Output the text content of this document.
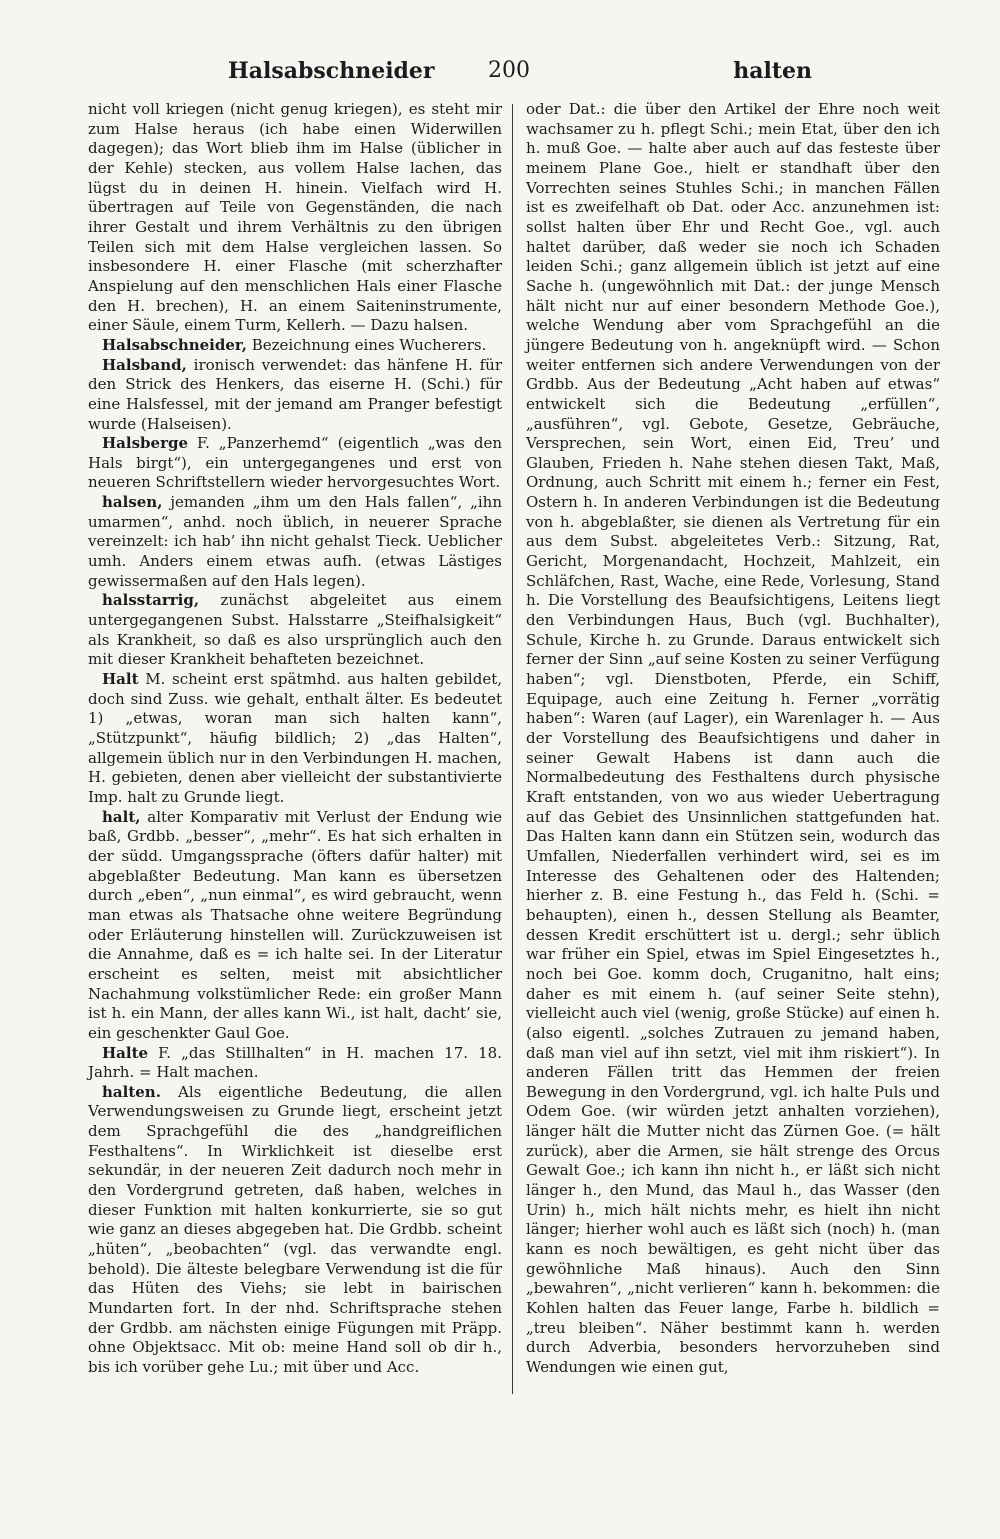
Halsabschneider	200	halten

nicht voll kriegen (nicht genug kriegen), es steht mir zum Halse heraus (ich habe einen Widerwillen dagegen); das Wort blieb ihm im Halse (üblicher in der Kehle) stecken, aus vollem Halse lachen, das lügst du in deinen H. hinein. Vielfach wird H. übertragen auf Teile von Gegenständen, die nach ihrer Gestalt und ihrem Verhältnis zu den übrigen Teilen sich mit dem Halse vergleichen lassen. So insbesondere H. einer Flasche (mit scherzhafter Anspielung auf den menschlichen Hals einer Flasche den H. brechen), H. an einem Saiteninstrumente, einer Säule, einem Turm, Kellerh. — Dazu halsen.

Halsabschneider, Bezeichnung eines Wucherers.

Halsband, ironisch verwendet: das hänfene H. für den Strick des Henkers, das eiserne H. (Schi.) für eine Halsfessel, mit der jemand am Pranger befestigt wurde (Halseisen).

Halsberge F. „Panzerhemd“ (eigentlich „was den Hals birgt“), ein untergegangenes und erst von neueren Schriftstellern wieder hervorgesuchtes Wort.

halsen, jemanden „ihm um den Hals fallen“, „ihn umarmen“, anhd. noch üblich, in neuerer Sprache vereinzelt: ich hab’ ihn nicht gehalst Tieck. Ueblicher umh. Anders einem etwas aufh. (etwas Lästiges gewissermaßen auf den Hals legen).

halsstarrig, zunächst abgeleitet aus einem untergegangenen Subst. Halsstarre „Steifhalsigkeit“ als Krankheit, so daß es also ursprünglich auch den mit dieser Krankheit behafteten bezeichnet.

Halt M. scheint erst spätmhd. aus halten gebildet, doch sind Zuss. wie gehalt, enthalt älter. Es bedeutet 1) „etwas, woran man sich halten kann“, „Stützpunkt“, häufig bildlich; 2) „das Halten“, allgemein üblich nur in den Verbindungen H. machen, H. gebieten, denen aber vielleicht der substantivierte Imp. halt zu Grunde liegt.

halt, alter Komparativ mit Verlust der Endung wie baß, Grdbb. „besser“, „mehr“. Es hat sich erhalten in der südd. Umgangssprache (öfters dafür halter) mit abgeblaßter Bedeutung. Man kann es übersetzen durch „eben“, „nun einmal“, es wird gebraucht, wenn man etwas als Thatsache ohne weitere Begründung oder Erläuterung hinstellen will. Zurückzuweisen ist die Annahme, daß es = ich halte sei. In der Literatur erscheint es selten, meist mit absichtlicher Nachahmung volkstümlicher Rede: ein großer Mann ist h. ein Mann, der alles kann Wi., ist halt, dacht’ sie, ein geschenkter Gaul Goe.

Halte F. „das Stillhalten“ in H. machen 17. 18. Jahrh. = Halt machen.

halten. Als eigentliche Bedeutung, die allen Verwendungsweisen zu Grunde liegt, erscheint jetzt dem Sprachgefühl die des „handgreiflichen Festhaltens“. In Wirklichkeit ist dieselbe erst sekundär, in der neueren Zeit dadurch noch mehr in den Vordergrund getreten, daß haben, welches in dieser Funktion mit halten konkurrierte, sie so gut wie ganz an dieses abgegeben hat. Die Grdbb. scheint „hüten“, „beobachten“ (vgl. das verwandte engl. behold). Die älteste belegbare Verwendung ist die für das Hüten des Viehs; sie lebt in bairischen Mundarten fort. In der nhd. Schriftsprache stehen der Grdbb. am nächsten einige Fügungen mit Präpp. ohne Objektsacc. Mit ob: meine Hand soll ob dir h., bis ich vorüber gehe Lu.; mit über und Acc.

oder Dat.: die über den Artikel der Ehre noch weit wachsamer zu h. pflegt Schi.; mein Etat, über den ich h. muß Goe. — halte aber auch auf das festeste über meinem Plane Goe., hielt er standhaft über den Vorrechten seines Stuhles Schi.; in manchen Fällen ist es zweifelhaft ob Dat. oder Acc. anzunehmen ist: sollst halten über Ehr und Recht Goe., vgl. auch haltet darüber, daß weder sie noch ich Schaden leiden Schi.; ganz allgemein üblich ist jetzt auf eine Sache h. (ungewöhnlich mit Dat.: der junge Mensch hält nicht nur auf einer besondern Methode Goe.), welche Wendung aber vom Sprachgefühl an die jüngere Bedeutung von h. angeknüpft wird. — Schon weiter entfernen sich andere Verwendungen von der Grdbb. Aus der Bedeutung „Acht haben auf etwas“ entwickelt sich die Bedeutung „erfüllen“, „ausführen“, vgl. Gebote, Gesetze, Gebräuche, Versprechen, sein Wort, einen Eid, Treu’ und Glauben, Frieden h. Nahe stehen diesen Takt, Maß, Ordnung, auch Schritt mit einem h.; ferner ein Fest, Ostern h. In anderen Verbindungen ist die Bedeutung von h. abgeblaßter, sie dienen als Vertretung für ein aus dem Subst. abgeleitetes Verb.: Sitzung, Rat, Gericht, Morgenandacht, Hochzeit, Mahlzeit, ein Schläfchen, Rast, Wache, eine Rede, Vorlesung, Stand h. Die Vorstellung des Beaufsichtigens, Leitens liegt den Verbindungen Haus, Buch (vgl. Buchhalter), Schule, Kirche h. zu Grunde. Daraus entwickelt sich ferner der Sinn „auf seine Kosten zu seiner Verfügung haben“; vgl. Dienstboten, Pferde, ein Schiff, Equipage, auch eine Zeitung h. Ferner „vorrätig haben“: Waren (auf Lager), ein Warenlager h. — Aus der Vorstellung des Beaufsichtigens und daher in seiner Gewalt Habens ist dann auch die Normalbedeutung des Festhaltens durch physische Kraft entstanden, von wo aus wieder Uebertragung auf das Gebiet des Unsinnlichen stattgefunden hat. Das Halten kann dann ein Stützen sein, wodurch das Umfallen, Niederfallen verhindert wird, sei es im Interesse des Gehaltenen oder des Haltenden; hierher z. B. eine Festung h., das Feld h. (Schi. = behaupten), einen h., dessen Stellung als Beamter, dessen Kredit erschüttert ist u. dergl.; sehr üblich war früher ein Spiel, etwas im Spiel Eingesetztes h., noch bei Goe. komm doch, Cruganitno, halt eins; daher es mit einem h. (auf seiner Seite stehn), vielleicht auch viel (wenig, große Stücke) auf einen h. (also eigentl. „solches Zutrauen zu jemand haben, daß man viel auf ihn setzt, viel mit ihm riskiert“). In anderen Fällen tritt das Hemmen der freien Bewegung in den Vordergrund, vgl. ich halte Puls und Odem Goe. (wir würden jetzt anhalten vorziehen), länger hält die Mutter nicht das Zürnen Goe. (= hält zurück), aber die Armen, sie hält strenge des Orcus Gewalt Goe.; ich kann ihn nicht h., er läßt sich nicht länger h., den Mund, das Maul h., das Wasser (den Urin) h., mich hält nichts mehr, es hielt ihn nicht länger; hierher wohl auch es läßt sich (noch) h. (man kann es noch bewältigen, es geht nicht über das gewöhnliche Maß hinaus). Auch den Sinn „bewahren“, „nicht verlieren“ kann h. bekommen: die Kohlen halten das Feuer lange, Farbe h. bildlich = „treu bleiben“. Näher bestimmt kann h. werden durch Adverbia, besonders hervorzuheben sind Wendungen wie einen gut,
